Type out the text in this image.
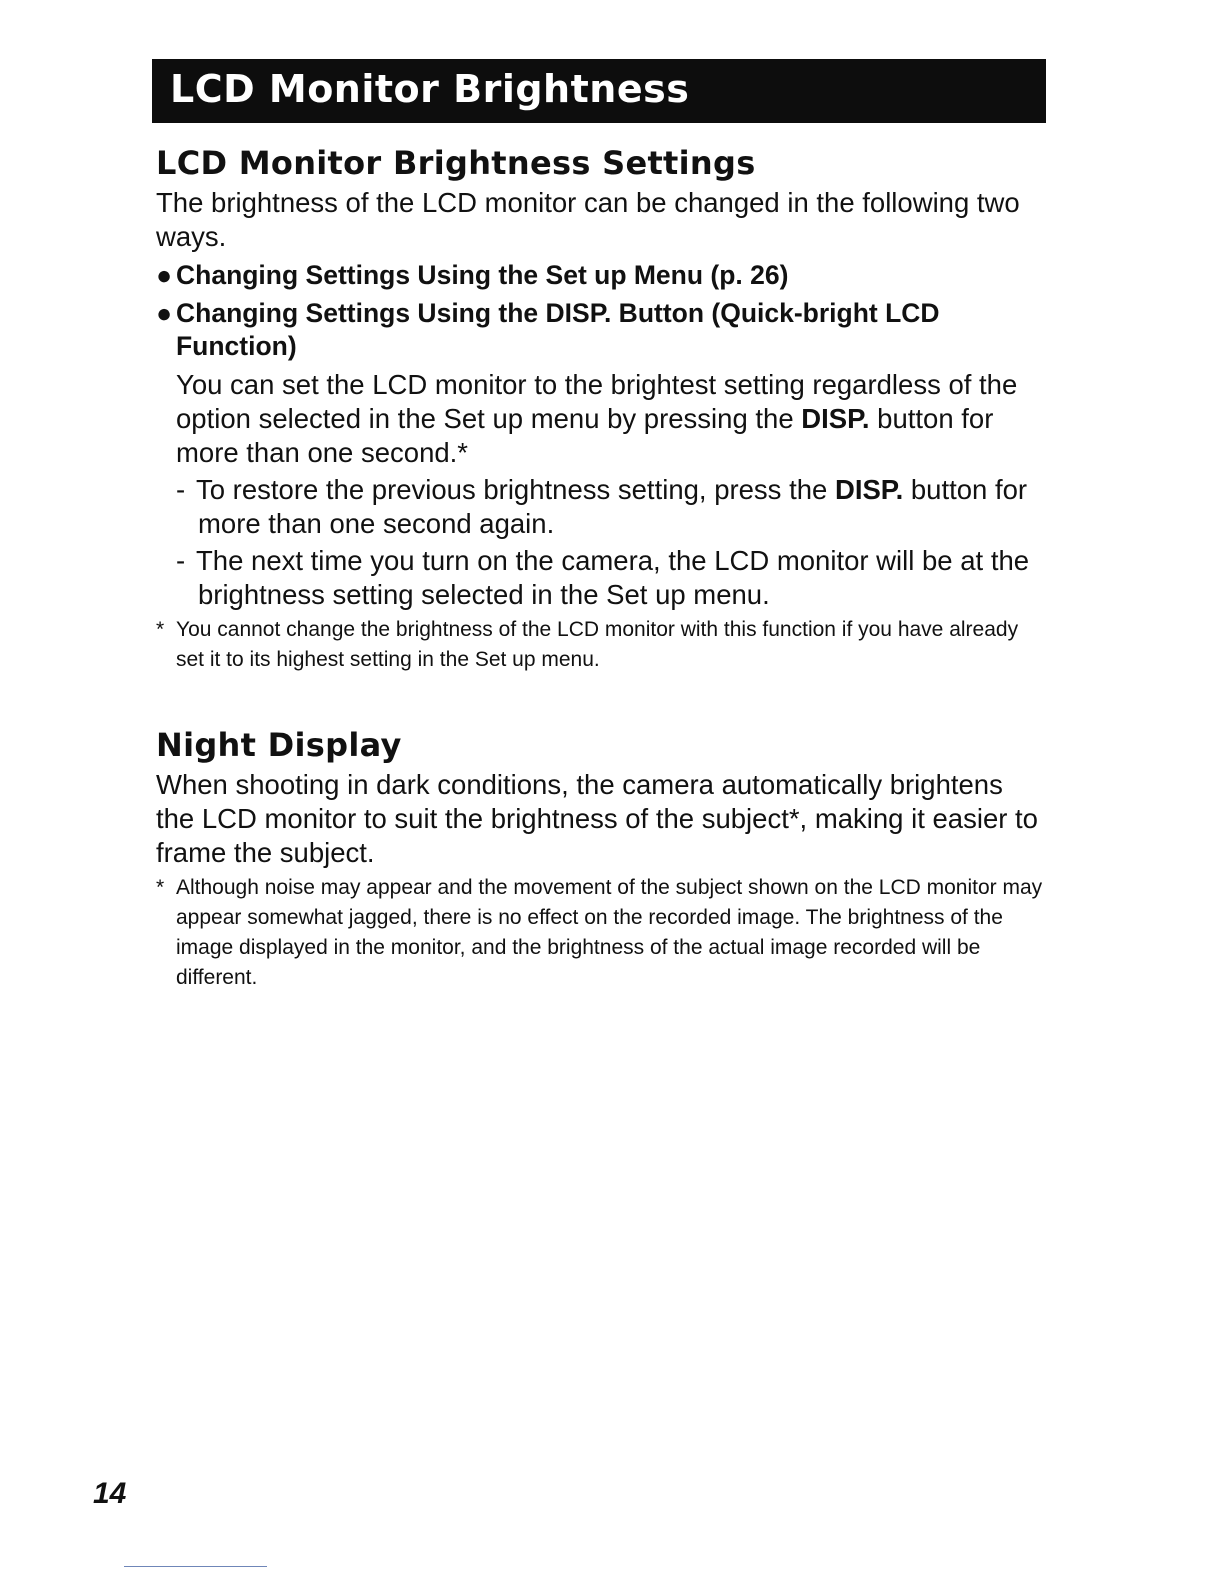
LCD Monitor Brightness
LCD Monitor Brightness Settings

The brightness of the LCD monitor can be changed in the following two ways.

● Changing Settings Using the Set up Menu (p. 26)
● Changing Settings Using the DISP. Button (Quick-bright LCD Function)

You can set the LCD monitor to the brightest setting regardless of the option selected in the Set up menu by pressing the DISP. button for more than one second.*

- To restore the previous brightness setting, press the DISP. button for more than one second again.
- The next time you turn on the camera, the LCD monitor will be at the brightness setting selected in the Set up menu.
* You cannot change the brightness of the LCD monitor with this function if you have already set it to its highest setting in the Set up menu.
Night Display

When shooting in dark conditions, the camera automatically brightens the LCD monitor to suit the brightness of the subject*, making it easier to frame the subject.

* Although noise may appear and the movement of the subject shown on the LCD monitor may appear somewhat jagged, there is no effect on the recorded image. The brightness of the image displayed in the monitor, and the brightness of the actual image recorded will be different.
14
